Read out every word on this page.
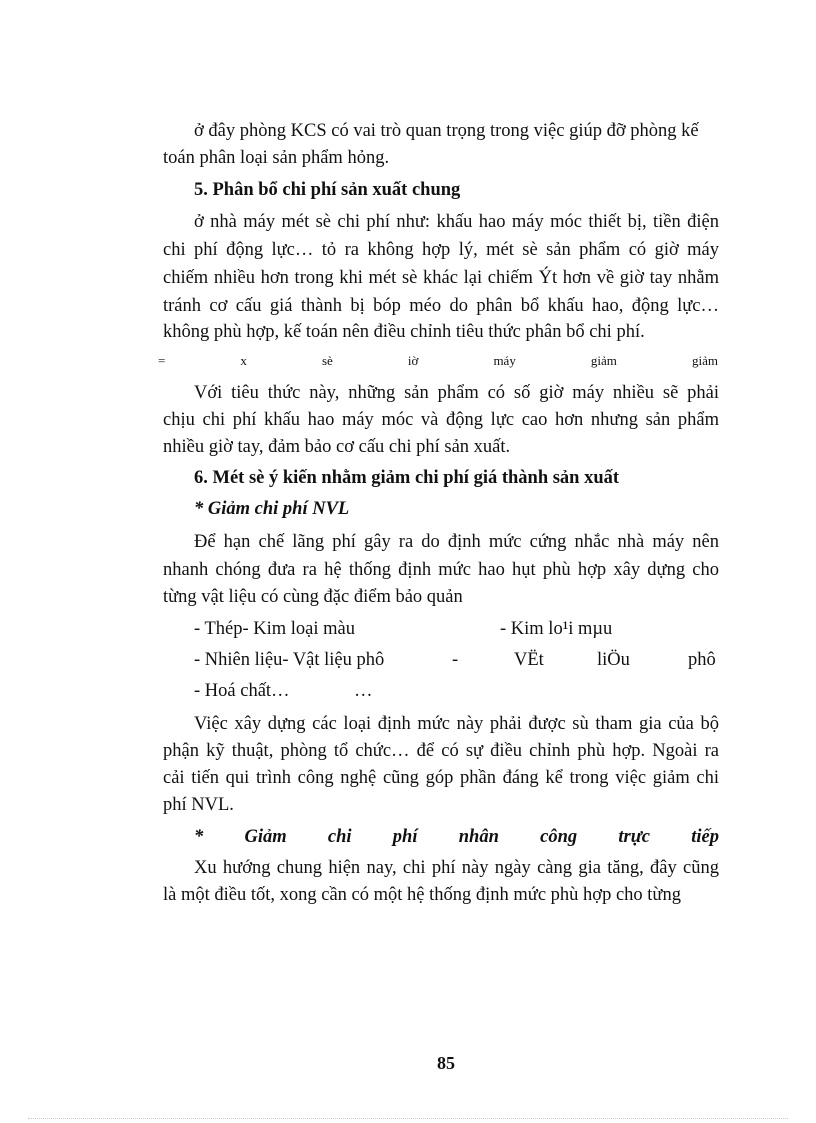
ở đây phòng KCS có vai trò quan trọng trong việc giúp đỡ phòng kế
toán phân loại sản phẩm hỏng.
5. Phân bổ chi phí sản xuất chung
ở nhà máy mét sè chi phí như: khấu hao máy móc thiết bị, tiền điện
chi phí động lực… tỏ ra không hợp lý, mét sè sản phẩm có giờ máy
chiếm nhiều hơn trong khi mét sè khác lại chiếm Ýt hơn về giờ tay nhằm
tránh cơ cấu giá thành bị bóp méo do phân bổ khấu hao, động lực…
không phù hợp, kế toán nên điều chỉnh tiêu thức phân bổ chi phí.
=	x	sè	iờ	máy	giảm	giảm
Với tiêu thức này, những sản phẩm có số giờ máy nhiều sẽ phải
chịu chi phí khấu hao máy móc và động lực cao hơn nhưng sản phẩm
nhiều giờ tay, đảm bảo cơ cấu chi phí sản xuất.
6. Mét sè ý kiến nhằm giảm chi phí giá thành sản xuất
* Giảm chi phí NVL
Để hạn chế lãng phí gây ra do định mức cứng nhắc nhà máy nên
nhanh chóng đưa ra hệ thống định mức hao hụt phù hợp xây dựng cho
từng vật liệu có cùng đặc điểm bảo quản
- Thép- Kim loại màu	- Kim lo¹i mµu
- Nhiên liệu- Vật liệu phô	-	VËt	liÖu	phô
- Hoá chất…	…
Việc xây dựng các loại định mức này phải được sù tham gia của bộ
phận kỹ thuật, phòng tổ chức… để có sự điều chỉnh phù hợp. Ngoài ra
cải tiến qui trình công nghệ cũng góp phần đáng kể trong việc giảm chi
phí NVL.
* Giảm chi phí nhân công trực tiếp
Xu hướng chung hiện nay, chi phí này ngày càng gia tăng, đây cũng
là một điều tốt, xong cần có một hệ thống định mức phù hợp cho từng
85
